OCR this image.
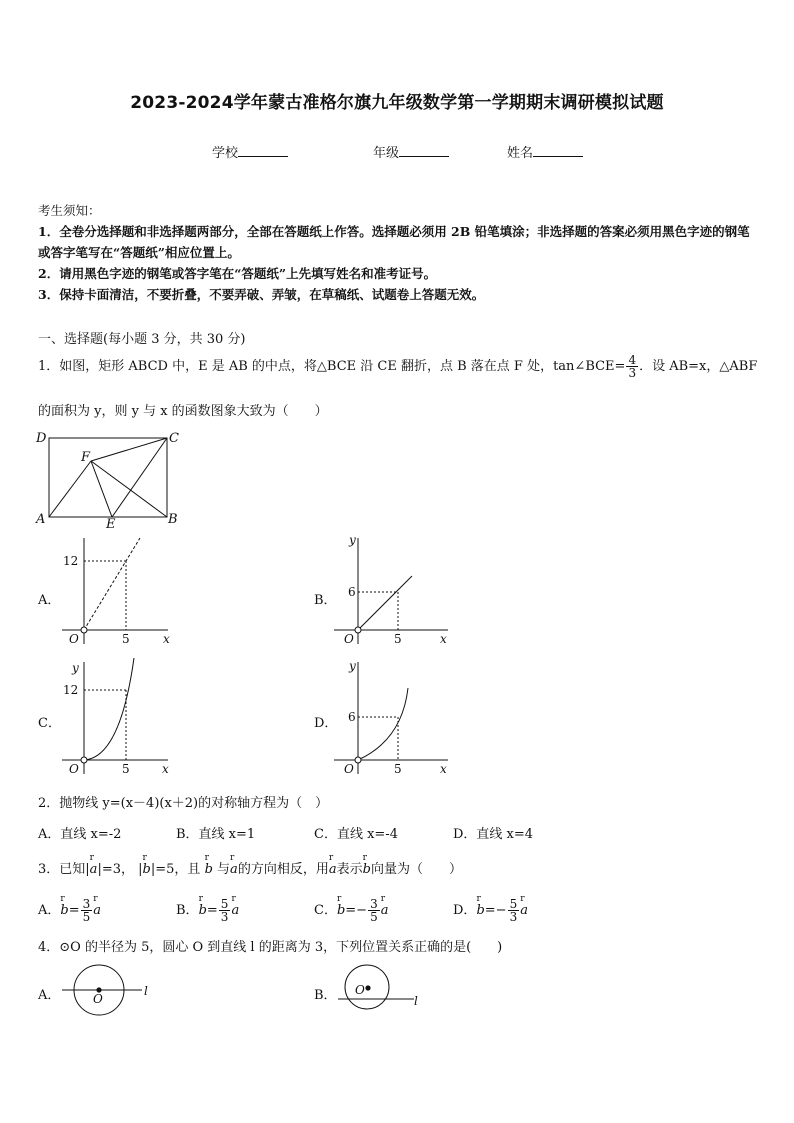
2023-2024学年蒙古准格尔旗九年级数学第一学期期末调研模拟试题
学校	年级	姓名
考生须知：
1．全卷分选择题和非选择题两部分，全部在答题纸上作答。选择题必须用 2B 铅笔填涂；非选择题的答案必须用黑色字迹的钢笔或答字笔写在“答题纸”相应位置上。
2．请用黑色字迹的钢笔或答字笔在“答题纸”上先填写姓名和准考证号。
3．保持卡面清洁，不要折叠，不要弄破、弄皱，在草稿纸、试题卷上答题无效。
一、选择题(每小题 3 分，共 30 分)
1．如图，矩形 ABCD 中，E 是 AB 的中点，将△BCE 沿 CE 翻折，点 B 落在点 F 处，tan∠BCE= $\frac{4}{3}$ ．设 AB=x，△ABF
的面积为 y，则 y 与 x 的函数图象大致为（　　）
D	C
F
A	E	B
A．
12
5
O	x
B．
y
6
5
O	x
C．
y
12
5
O	x
D．
y
6
5
O	x
2．抛物线 y=(x－4)(x＋2)的对称轴方程为（　）
A．直线 x=-2	B．直线 x=1	C．直线 x=-4	D．直线 x=4
3．已知|
r
a|=3， |
r
b|=5，且
r
b 与
r
a的方向相反，用
r
a表示
r
b向量为（　　）
A．
r
$b= \frac{3}{5}$ r
a	B．
r
$b= \frac{5}{3}$ r
a	C．
r
$b=- \frac{3}{5}$ r
a	D．
r
$b=- \frac{5}{3}$ r
a
4．⊙O 的半径为 5，圆心 O 到直线 l 的距离为 3，下列位置关系正确的是(　　)
A．	O
l	B． O
l
